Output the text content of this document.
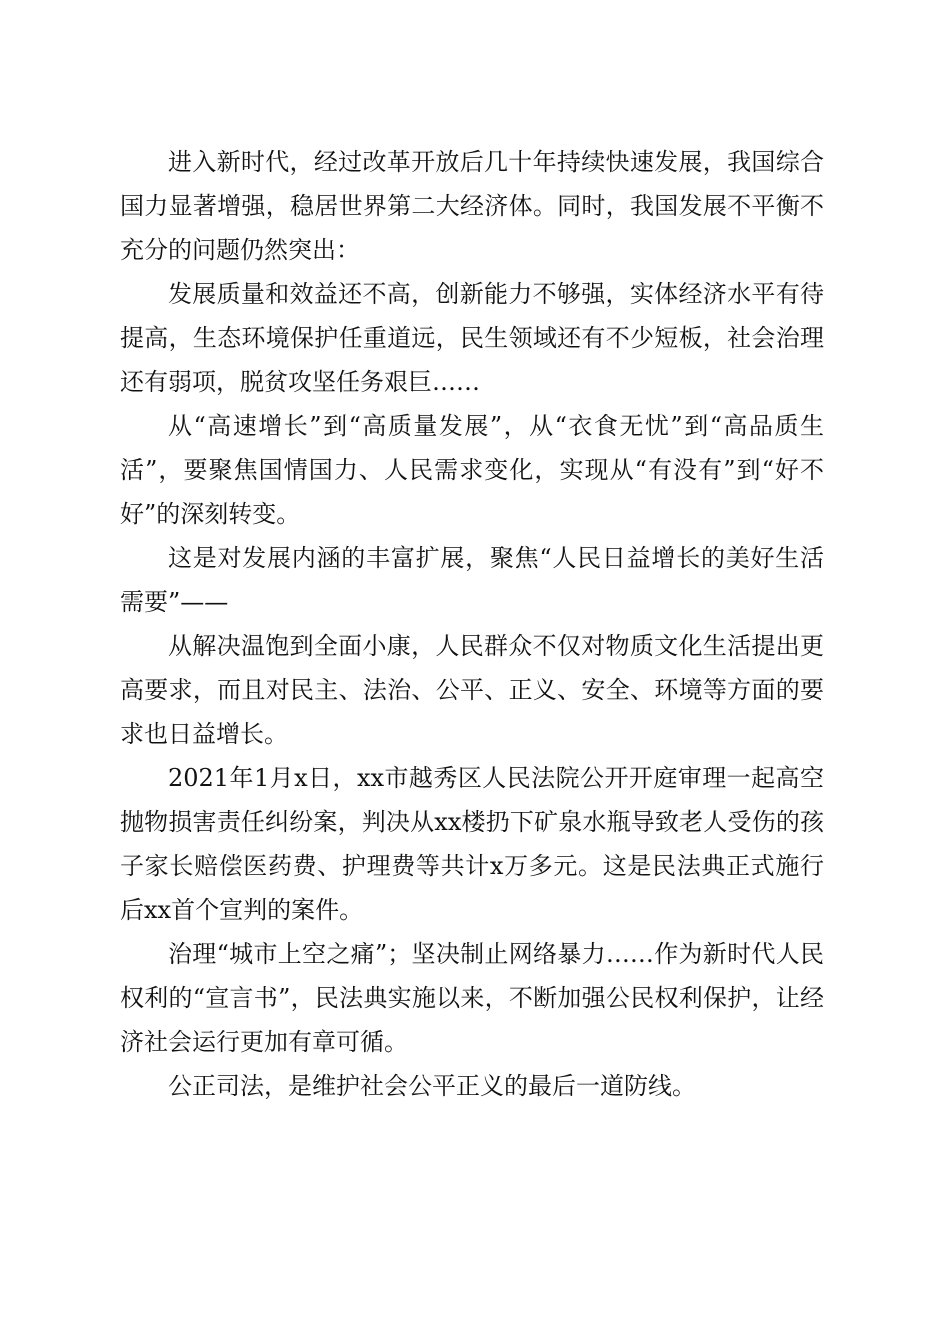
进入新时代，经过改革开放后几十年持续快速发展，我国综合国力显著增强，稳居世界第二大经济体。同时，我国发展不平衡不充分的问题仍然突出：

发展质量和效益还不高，创新能力不够强，实体经济水平有待提高，生态环境保护任重道远，民生领域还有不少短板，社会治理还有弱项，脱贫攻坚任务艰巨……

从“高速增长”到“高质量发展”，从“衣食无忧”到“高品质生活”，要聚焦国情国力、人民需求变化，实现从“有没有”到“好不好”的深刻转变。

这是对发展内涵的丰富扩展，聚焦“人民日益增长的美好生活需要”——

从解决温饱到全面小康，人民群众不仅对物质文化生活提出更高要求，而且对民主、法治、公平、正义、安全、环境等方面的要求也日益增长。

2021年1月x日，xx市越秀区人民法院公开开庭审理一起高空抛物损害责任纠纷案，判决从xx楼扔下矿泉水瓶导致老人受伤的孩子家长赔偿医药费、护理费等共计x万多元。这是民法典正式施行后xx首个宣判的案件。

治理“城市上空之痛”；坚决制止网络暴力……作为新时代人民权利的“宣言书”，民法典实施以来，不断加强公民权利保护，让经济社会运行更加有章可循。

公正司法，是维护社会公平正义的最后一道防线。
